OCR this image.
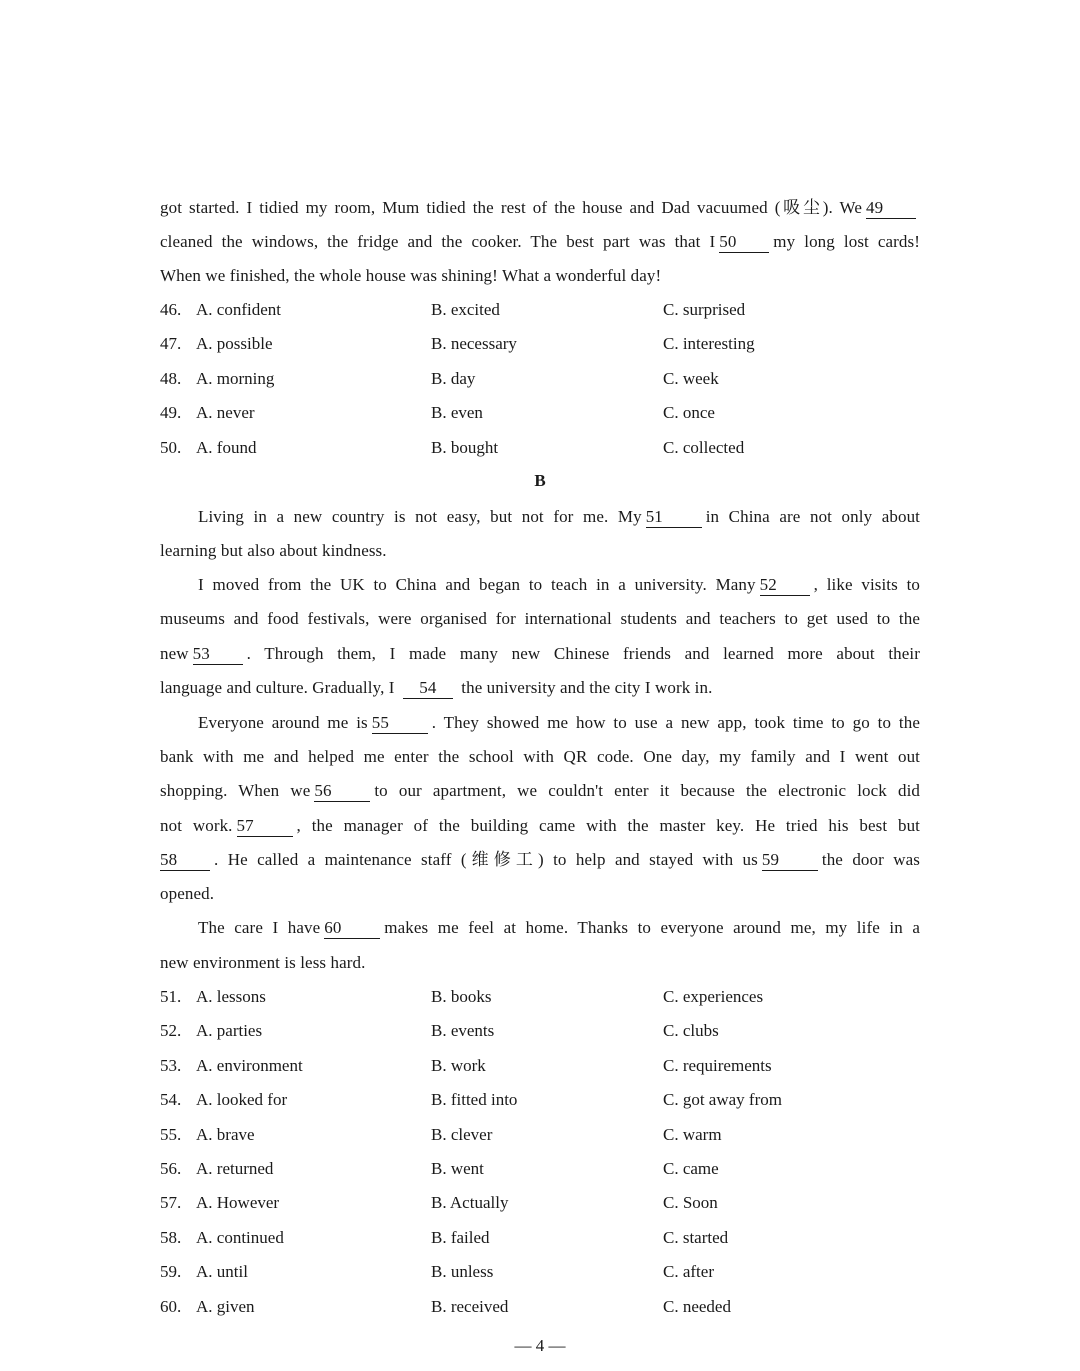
got started. I tidied my room, Mum tidied the rest of the house and Dad vacuumed (吸尘). We 49
cleaned the windows, the fridge and the cooker. The best part was that I 50 my long lost cards!
When we finished, the whole house was shining! What a wonderful day!
46. A. confident	B. excited	C. surprised
47. A. possible	B. necessary	C. interesting
48. A. morning	B. day	C. week
49. A. never	B. even	C. once
50. A. found	B. bought	C. collected
B
Living in a new country is not easy, but not for me. My 51	in China are not only about
learning but also about kindness.
I moved from the UK to China and began to teach in a university. Many 52 , like visits to
museums and food festivals, were organised for international students and teachers to get used to the
new 53 . Through them, I made many new Chinese friends and learned more about their
language and culture. Gradually, I 54 the university and the city I work in.
Everyone around me is 55	. They showed me how to use a new app, took time to go to the
bank with me and helped me enter the school with QR code. One day, my family and I went out
shopping. When we 56	to our apartment, we couldn't enter it because the electronic lock did
not work. 57	, the manager of the building came with the master key. He tried his best but
58 . He called a maintenance staff (维修工) to help and stayed with us 59	the door was
opened.
The care I have 60	makes me feel at home. Thanks to everyone around me, my life in a
new environment is less hard.
51. A. lessons	B. books	C. experiences
52. A. parties	B. events	C. clubs
53. A. environment	B. work	C. requirements
54. A. looked for	B. fitted into	C. got away from
55. A. brave	B. clever	C. warm
56. A. returned	B. went	C. came
57. A. However	B. Actually	C. Soon
58. A. continued	B. failed	C. started
59. A. until	B. unless	C. after
60. A. given	B. received	C. needed
— 4 —
